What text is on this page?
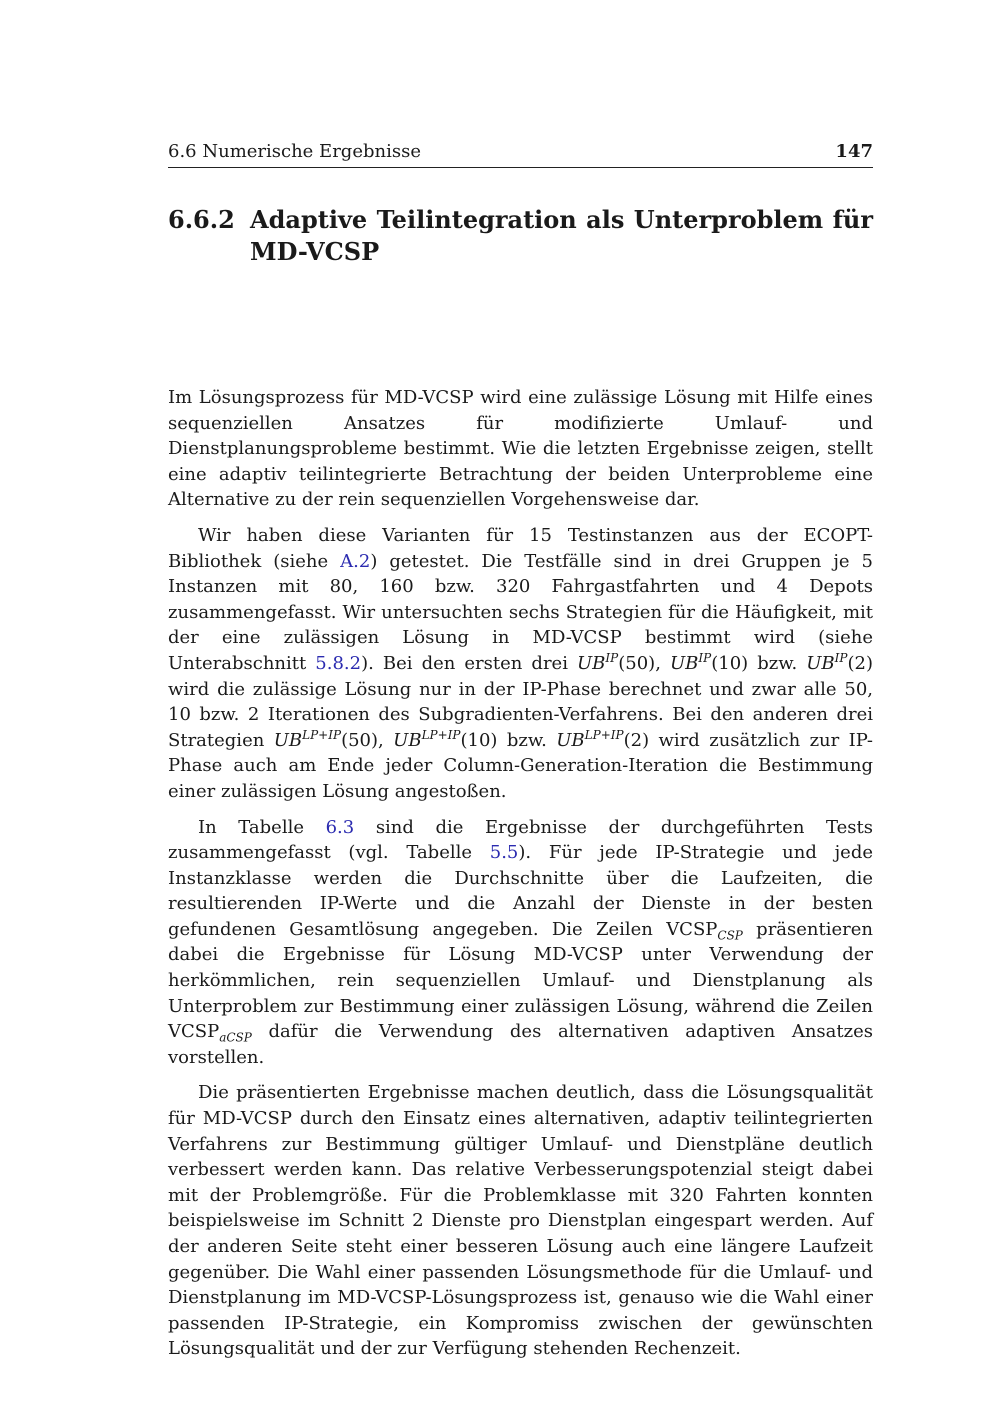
6.6 Numerische Ergebnisse	147
6.6.2 Adaptive Teilintegration als Unterproblem für MD-VCSP

Im Lösungsprozess für MD-VCSP wird eine zulässige Lösung mit Hilfe eines sequenziellen Ansatzes für modifizierte Umlauf- und Dienstplanungsprobleme bestimmt. Wie die letzten Ergebnisse zeigen, stellt eine adaptiv teilintegrierte Betrachtung der beiden Unterprobleme eine Alternative zu der rein sequenziellen Vorgehensweise dar.

Wir haben diese Varianten für 15 Testinstanzen aus der ECOPT-Bibliothek (siehe A.2) getestet. Die Testfälle sind in drei Gruppen je 5 Instanzen mit 80, 160 bzw. 320 Fahrgastfahrten und 4 Depots zusammengefasst. Wir untersuchten sechs Strategien für die Häufigkeit, mit der eine zulässigen Lösung in MD-VCSP bestimmt wird (siehe Unterabschnitt 5.8.2). Bei den ersten drei $UB^{IP}(50)$, $UB^{IP}(10)$ bzw. $UB^{IP}(2)$ wird die zulässige Lösung nur in der IP-Phase berechnet und zwar alle 50, 10 bzw. 2 Iterationen des Subgradienten-Verfahrens. Bei den anderen drei Strategien $UB^{LP+IP}(50)$, $UB^{LP+IP}(10)$ bzw. $UB^{LP+IP}(2)$ wird zusätzlich zur IP-Phase auch am Ende jeder Column-Generation-Iteration die Bestimmung einer zulässigen Lösung angestoßen.

In Tabelle 6.3 sind die Ergebnisse der durchgeführten Tests zusammengefasst (vgl. Tabelle 5.5). Für jede IP-Strategie und jede Instanzklasse werden die Durchschnitte über die Laufzeiten, die resultierenden IP-Werte und die Anzahl der Dienste in der besten gefundenen Gesamtlösung angegeben. Die Zeilen $VCSP_{CSP}$ präsentieren dabei die Ergebnisse für Lösung MD-VCSP unter Verwendung der herkömmlichen, rein sequenziellen Umlauf- und Dienstplanung als Unterproblem zur Bestimmung einer zulässigen Lösung, während die Zeilen $VCSP_{aCSP}$ dafür die Verwendung des alternativen adaptiven Ansatzes vorstellen.

Die präsentierten Ergebnisse machen deutlich, dass die Lösungsqualität für MD-VCSP durch den Einsatz eines alternativen, adaptiv teilintegrierten Verfahrens zur Bestimmung gültiger Umlauf- und Dienstpläne deutlich verbessert werden kann. Das relative Verbesserungspotenzial steigt dabei mit der Problemgröße. Für die Problemklasse mit 320 Fahrten konnten beispielsweise im Schnitt 2 Dienste pro Dienstplan eingespart werden. Auf der anderen Seite steht einer besseren Lösung auch eine längere Laufzeit gegenüber. Die Wahl einer passenden Lösungsmethode für die Umlauf- und Dienstplanung im MD-VCSP-Lösungsprozess ist, genauso wie die Wahl einer passenden IP-Strategie, ein Kompromiss zwischen der gewünschten Lösungsqualität und der zur Verfügung stehenden Rechenzeit.
